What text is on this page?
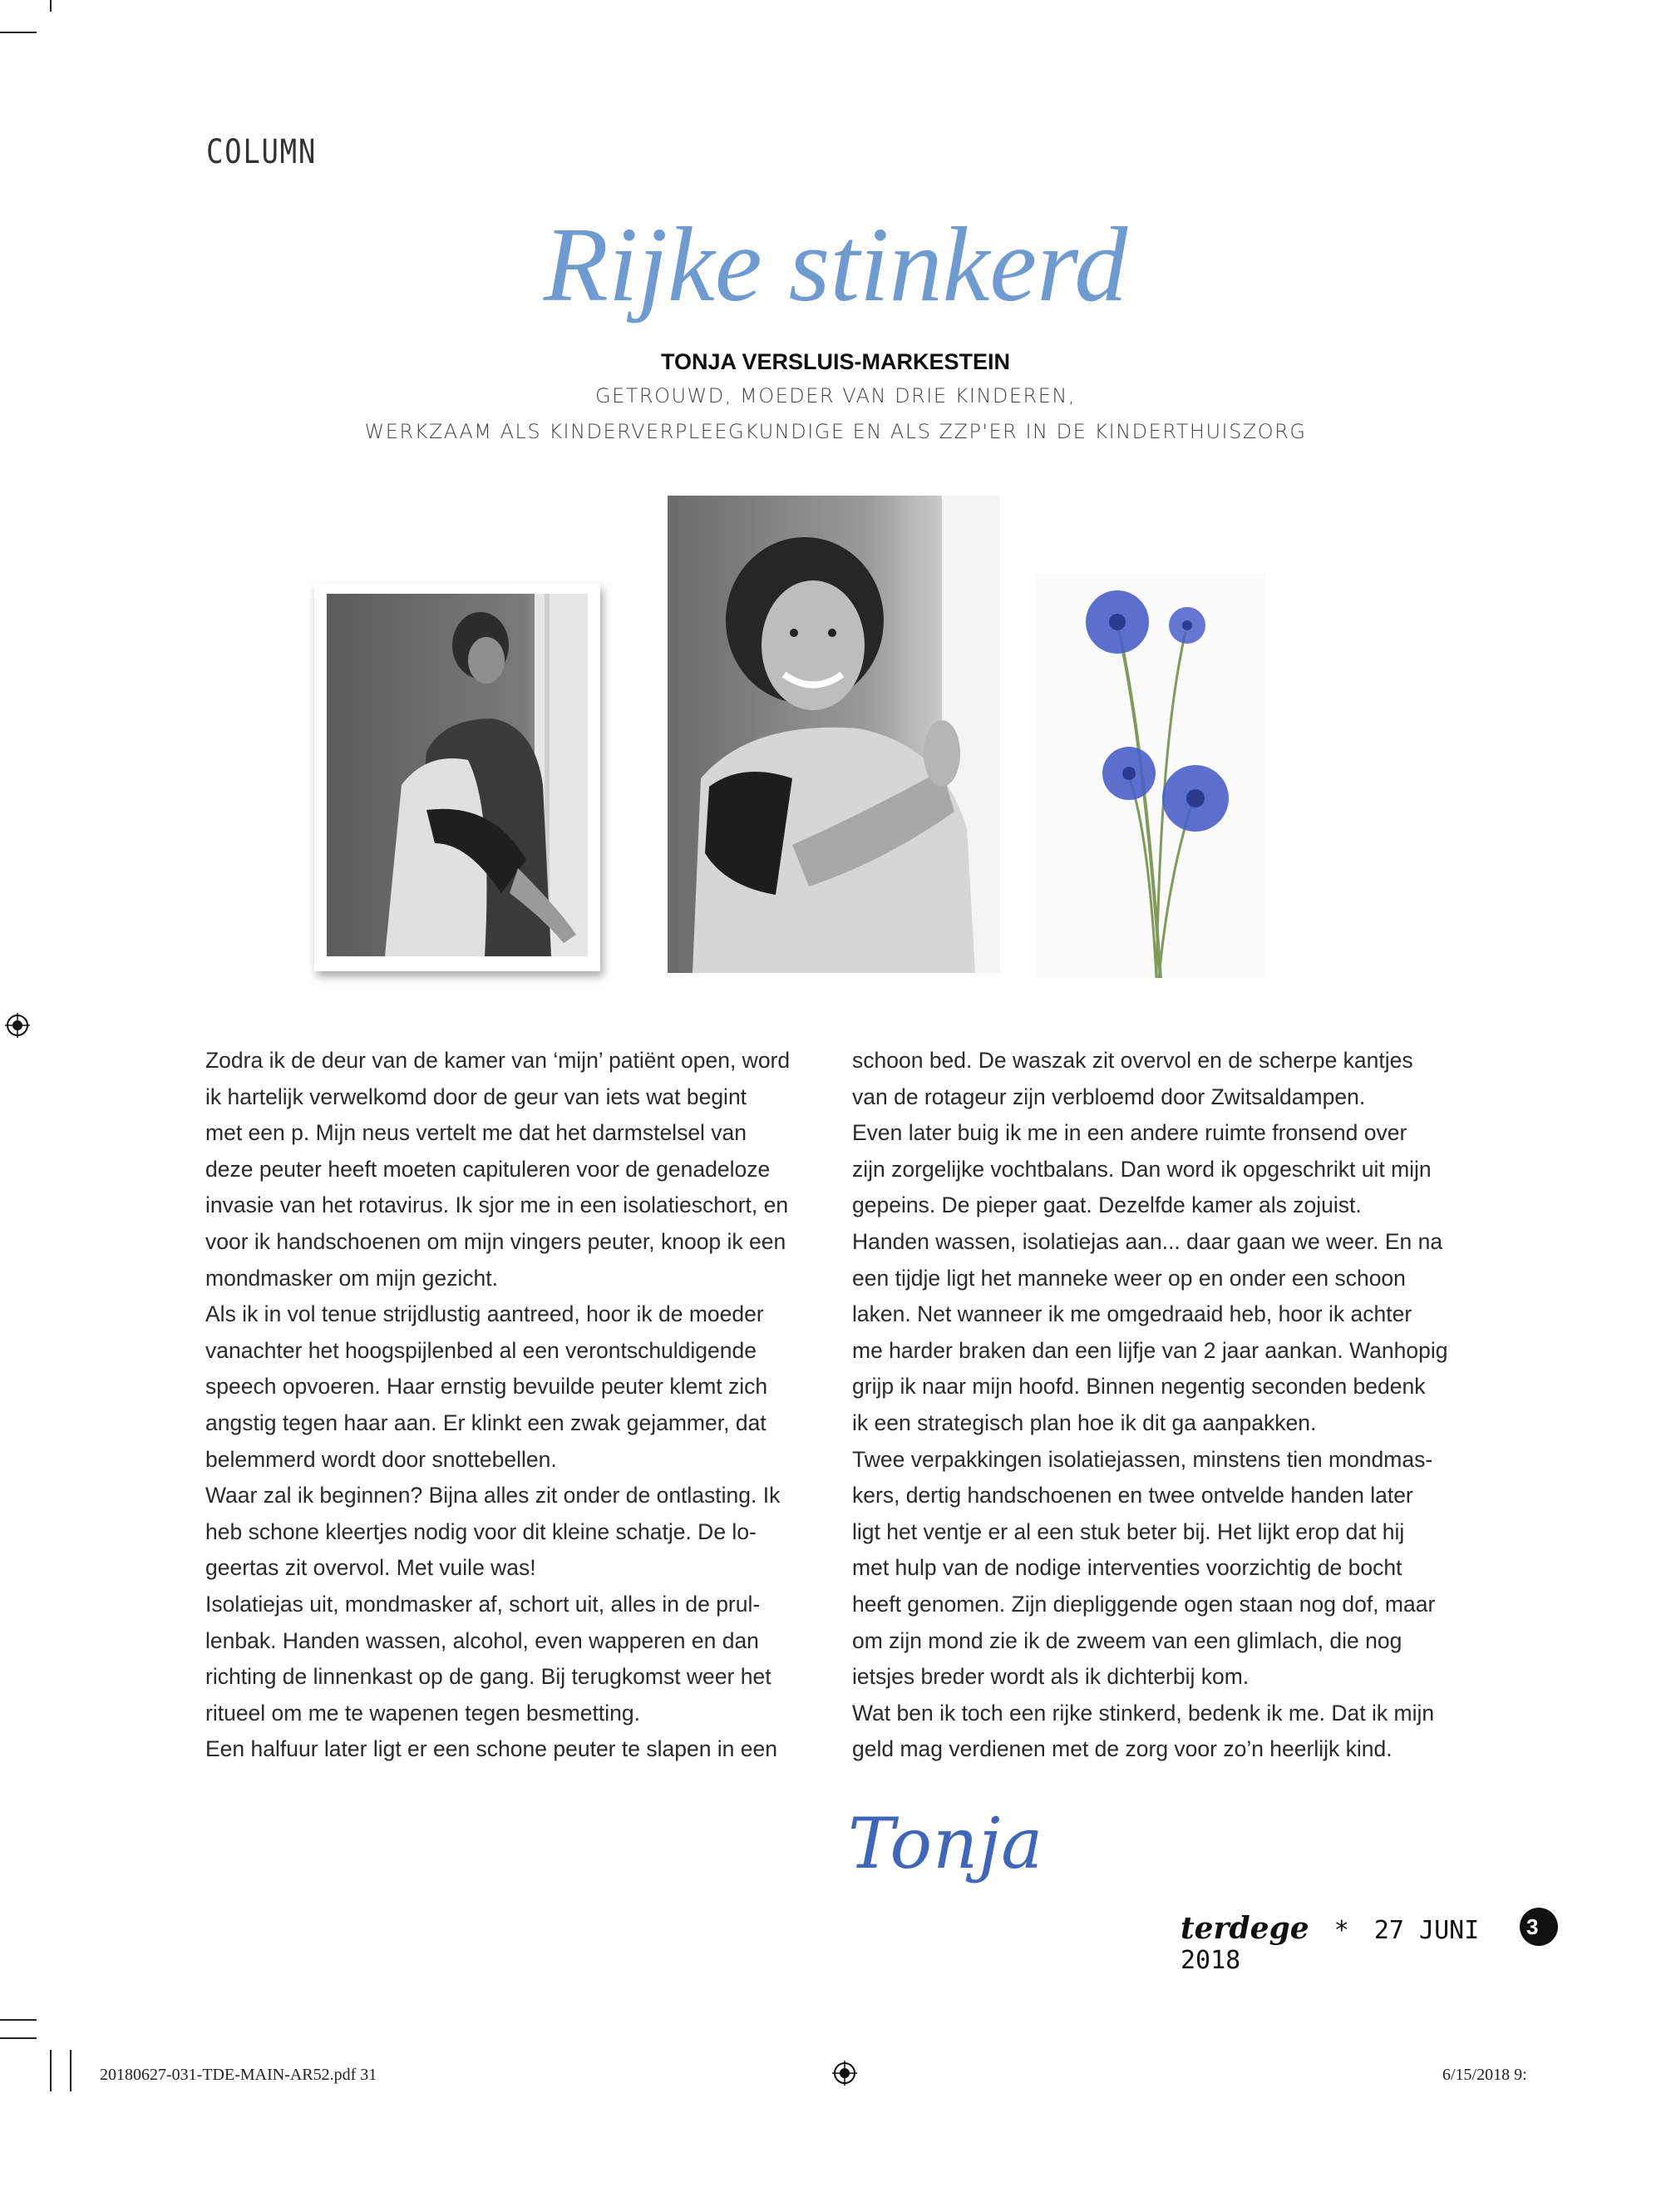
COLUMN
Rijke stinkerd
TONJA VERSLUIS-MARKESTEIN
GETROUWD, MOEDER VAN DRIE KINDEREN,
WERKZAAM ALS KINDERVERPLEEGKUNDIGE EN ALS ZZP'ER IN DE KINDERTHUISZORG

Zodra ik de deur van de kamer van ‘mijn’ patiënt open, word

ik hartelijk verwelkomd door de geur van iets wat begint

met een p. Mijn neus vertelt me dat het darmstelsel van

deze peuter heeft moeten capituleren voor de genadeloze

invasie van het rotavirus. Ik sjor me in een isolatieschort, en

voor ik handschoenen om mijn vingers peuter, knoop ik een

mondmasker om mijn gezicht.

Als ik in vol tenue strijdlustig aantreed, hoor ik de moeder

vanachter het hoogspijlenbed al een verontschuldigende

speech opvoeren. Haar ernstig bevuilde peuter klemt zich

angstig tegen haar aan. Er klinkt een zwak gejammer, dat

belemmerd wordt door snottebellen.

Waar zal ik beginnen? Bijna alles zit onder de ontlasting. Ik

heb schone kleertjes nodig voor dit kleine schatje. De lo-

geertas zit overvol. Met vuile was!

Isolatiejas uit, mondmasker af, schort uit, alles in de prul-

lenbak. Handen wassen, alcohol, even wapperen en dan

richting de linnenkast op de gang. Bij terugkomst weer het

ritueel om me te wapenen tegen besmetting.

Een halfuur later ligt er een schone peuter te slapen in een

schoon bed. De waszak zit overvol en de scherpe kantjes

van de rotageur zijn verbloemd door Zwitsaldampen.

Even later buig ik me in een andere ruimte fronsend over

zijn zorgelijke vochtbalans. Dan word ik opgeschrikt uit mijn

gepeins. De pieper gaat. Dezelfde kamer als zojuist.

Handen wassen, isolatiejas aan... daar gaan we weer. En na

een tijdje ligt het manneke weer op en onder een schoon

laken. Net wanneer ik me omgedraaid heb, hoor ik achter

me harder braken dan een lijfje van 2 jaar aankan. Wanhopig

grijp ik naar mijn hoofd. Binnen negentig seconden bedenk

ik een strategisch plan hoe ik dit ga aanpakken.

Twee verpakkingen isolatiejassen, minstens tien mondmas-

kers, dertig handschoenen en twee ontvelde handen later

ligt het ventje er al een stuk beter bij. Het lijkt erop dat hij

met hulp van de nodige interventies voorzichtig de bocht

heeft genomen. Zijn diepliggende ogen staan nog dof, maar

om zijn mond zie ik de zweem van een glimlach, die nog

ietsjes breder wordt als ik dichterbij kom.

Wat ben ik toch een rijke stinkerd, bedenk ik me. Dat ik mijn

geld mag verdienen met de zorg voor zo’n heerlijk kind.

Tonja
terdege * 27 JUNI 2018
3
20180627-031-TDE-MAIN-AR52.pdf 31	6/15/2018 9:
